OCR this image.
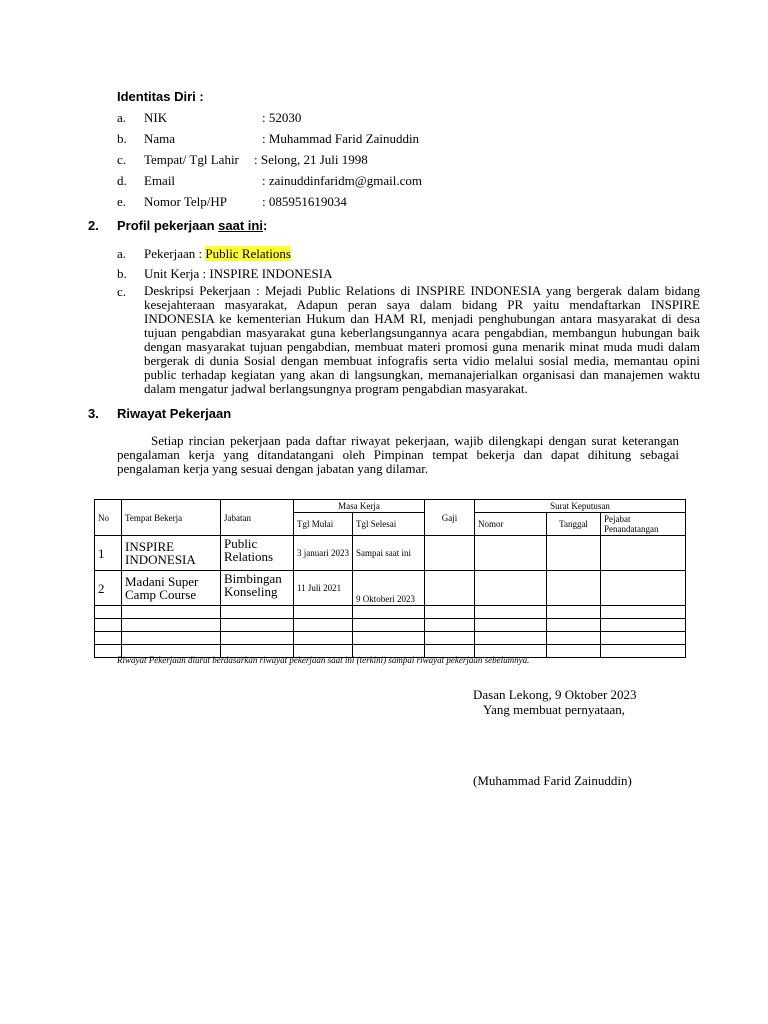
Identitas Diri :
a. NIK	: 52030
b. Nama	: Muhammad Farid Zainuddin
c. Tempat/ Tgl Lahir : Selong, 21 Juli 1998
d. Email	: zainuddinfaridm@gmail.com
e. Nomor Telp/HP	: 085951619034
2. Profil pekerjaan saat ini:
a. Pekerjaan : Public Relations
b. Unit Kerja : INSPIRE INDONESIA
c. Deskripsi Pekerjaan : Mejadi Public Relations di INSPIRE INDONESIA yang bergerak dalam bidang kesejahteraan masyarakat, Adapun peran saya dalam bidang PR yaitu mendaftarkan INSPIRE INDONESIA ke kementerian Hukum dan HAM RI, menjadi penghubungan antara masyarakat di desa tujuan pengabdian masyarakat guna keberlangsungannya acara pengabdian, membangun hubungan baik dengan masyarakat tujuan pengabdian, membuat materi promosi guna menarik minat muda mudi dalam bergerak di dunia Sosial dengan membuat infografis serta vidio melalui sosial media, memantau opini public terhadap kegiatan yang akan di langsungkan, memanajerialkan organisasi dan manajemen waktu dalam mengatur jadwal berlangsungnya program pengabdian masyarakat.
3. Riwayat Pekerjaan
Setiap rincian pekerjaan pada daftar riwayat pekerjaan, wajib dilengkapi dengan surat keterangan pengalaman kerja yang ditandatangani oleh Pimpinan tempat bekerja dan dapat dihitung sebagai pengalaman kerja yang sesuai dengan jabatan yang dilamar.
No	Tempat Bekerja	Jabatan	Masa Kerja		Gaji	Surat Keputusan		
			Tgl Mulai	Tgl Selesai		Nomor	Tanggal	Pejabat Penandatangan
1	INSPIRE INDONESIA	Public Relations	3 januari 2023	Sampai saat ini				
2	Madani Super Camp Course	Bimbingan Konseling	11 Juli 2021	9 Oktoberi 2023				

Riwayat Pekerjaan diurut berdasarkan riwayat pekerjaan saat ini (terkini) sampai riwayat pekerjaan sebelumnya.
Dasan Lekong, 9 Oktober 2023
Yang membuat pernyataan,
(Muhammad Farid Zainuddin)
